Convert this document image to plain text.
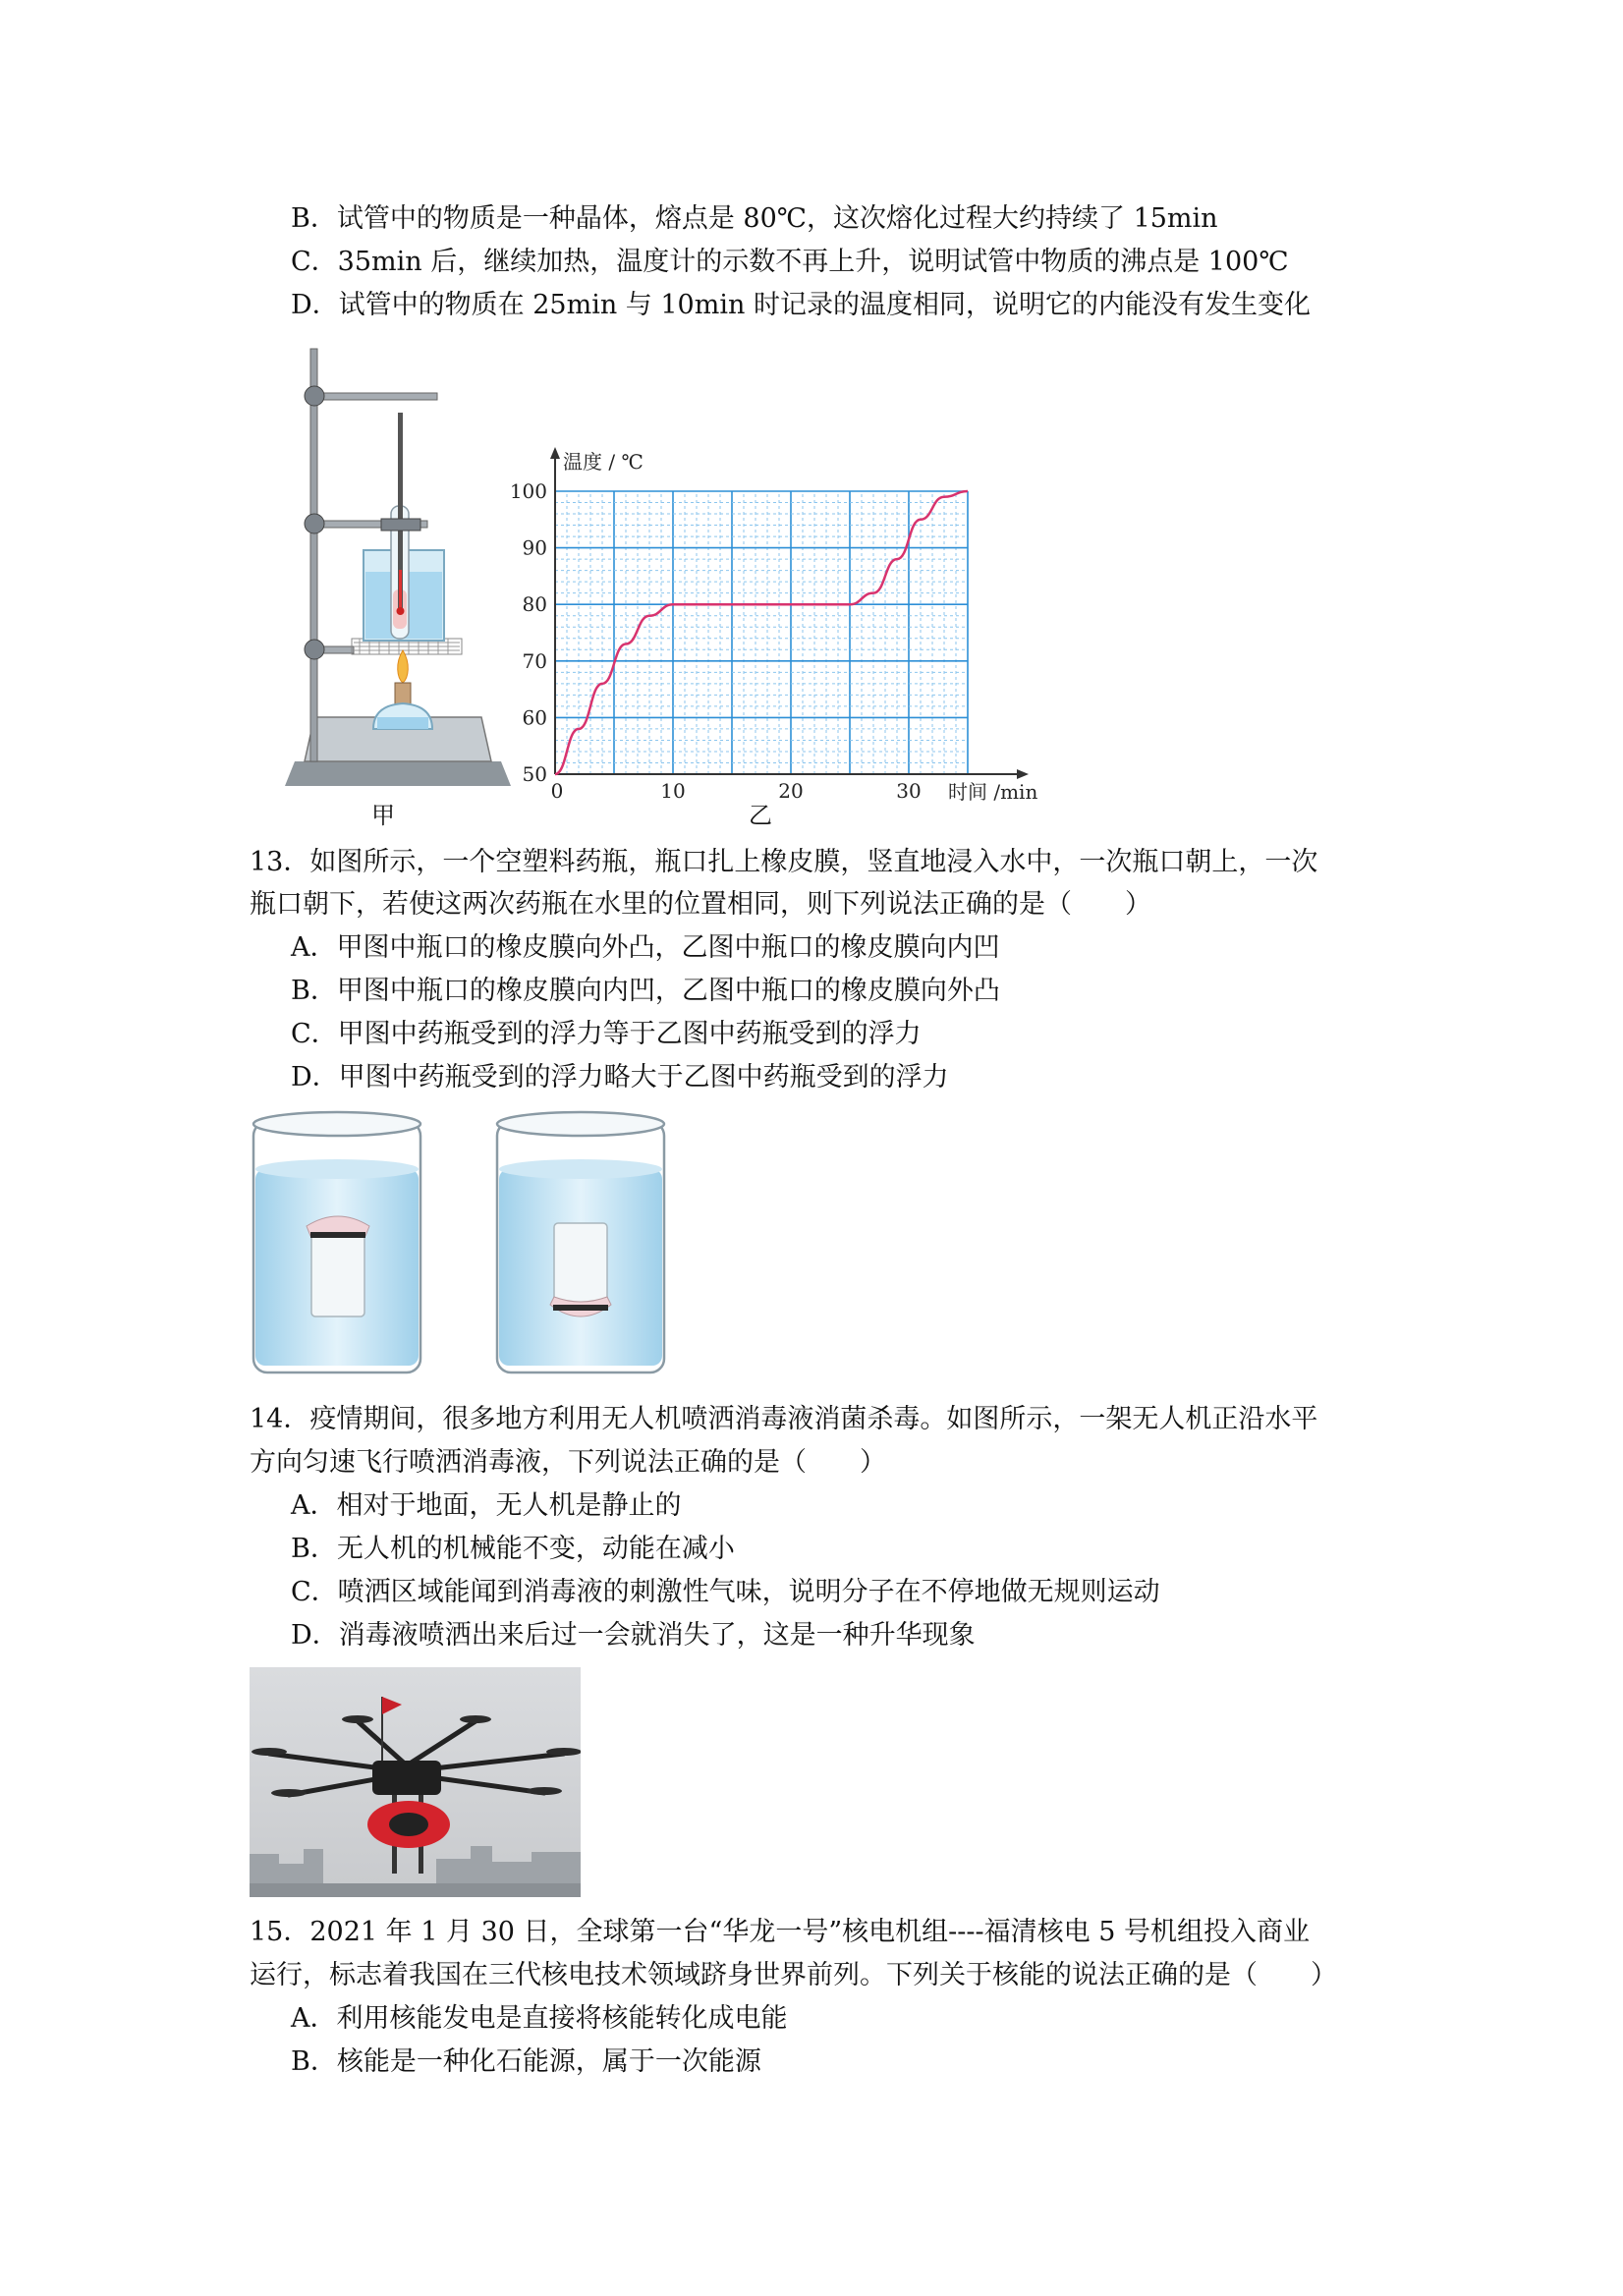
B．试管中的物质是一种晶体，熔点是 80℃，这次熔化过程大约持续了 15min
C．35min 后，继续加热，温度计的示数不再上升，说明试管中物质的沸点是 100℃
D．试管中的物质在 25min 与 10min 时记录的温度相同，说明它的内能没有发生变化
甲
温度 / ℃
时间 /min
50
60
70
80
90
100
0	10	20	30
乙
13．如图所示，一个空塑料药瓶，瓶口扎上橡皮膜，竖直地浸入水中，一次瓶口朝上，一次
瓶口朝下，若使这两次药瓶在水里的位置相同，则下列说法正确的是（　　）
A．甲图中瓶口的橡皮膜向外凸，乙图中瓶口的橡皮膜向内凹
B．甲图中瓶口的橡皮膜向内凹，乙图中瓶口的橡皮膜向外凸
C．甲图中药瓶受到的浮力等于乙图中药瓶受到的浮力
D．甲图中药瓶受到的浮力略大于乙图中药瓶受到的浮力
14．疫情期间，很多地方利用无人机喷洒消毒液消菌杀毒。如图所示，一架无人机正沿水平
方向匀速飞行喷洒消毒液，下列说法正确的是（　　）
A．相对于地面，无人机是静止的
B．无人机的机械能不变，动能在减小
C．喷洒区域能闻到消毒液的刺激性气味，说明分子在不停地做无规则运动
D．消毒液喷洒出来后过一会就消失了，这是一种升华现象
15．2021 年 1 月 30 日，全球第一台“华龙一号”核电机组----福清核电 5 号机组投入商业
运行，标志着我国在三代核电技术领域跻身世界前列。下列关于核能的说法正确的是（　　）
A．利用核能发电是直接将核能转化成电能
B．核能是一种化石能源，属于一次能源
